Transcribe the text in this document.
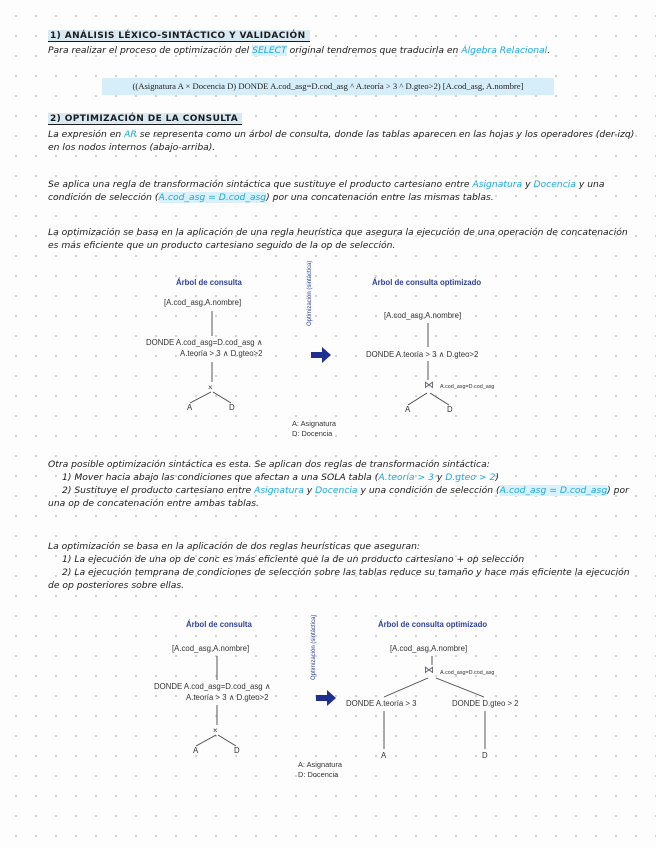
1) ANÁLISIS LÉXICO-SINTÁCTICO Y VALIDACIÓN

Para realizar el proceso de optimización del SELECT original tendremos que traducirla en Álgebra Relacional.

((Asignatura A × Docencia D) DONDE A.cod_asg=D.cod_asg ^ A.teoría > 3 ^ D.gteo>2) [A.cod_asg, A.nombre]
2) OPTIMIZACIÓN DE LA CONSULTA

La expresión en AR se representa como un árbol de consulta, donde las tablas aparecen en las hojas y los operadores (der-izq) en los nodos internos (abajo-arriba).

Se aplica una regla de transformación sintáctica que sustituye el producto cartesiano entre Asignatura y Docencia y una condición de selección (A.cod_asg = D.cod_asg) por una concatenación entre las mismas tablas.

La optimización se basa en la aplicación de una regla heurística que asegura la ejecución de una operación de concatenación es más eficiente que un producto cartesiano seguido de la op de selección.

Árbol de consulta	Árbol de consulta optimizado
[A.cod_asg,A.nombre]
DONDE A.cod_asg=D.cod_asg ∧
A.teoría > 3 ∧ D.gteo>2
×
A	D
Optimización (sintáctica)	[A.cod_asg,A.nombre]
DONDE A.teoría > 3 ∧ D.gteo>2
⋈ A.cod_asg=D.cod_asg
A	D
A: Asignatura
D: Docencia

Otra posible optimización sintáctica es esta. Se aplican dos reglas de transformación sintáctica:
1) Mover hacia abajo las condiciones que afectan a una SOLA tabla (A.teoría > 3 y D.gteo > 2)
2) Sustituye el producto cartesiano entre Asignatura y Docencia y una condición de selección (A.cod_asg = D.cod_asg) por una op de concatenación entre ambas tablas.

La optimización se basa en la aplicación de dos reglas heurísticas que aseguran:
1) La ejecución de una op de conc es más eficiente que la de un producto cartesiano + op selección
2) La ejecución temprana de condiciones de selección sobre las tablas reduce su tamaño y hace más eficiente la ejecución de op posteriores sobre ellas.

Árbol de consulta	Árbol de consulta optimizado
[A.cod_asg,A.nombre]
DONDE A.cod_asg=D.cod_asg ∧
A.teoría > 3 ∧ D.gteo>2
×
A	D
Optimización (sintáctica)	[A.cod_asg,A.nombre]
⋈ A.cod_asg=D.cod_asg
DONDE A.teoría > 3	DONDE D.gteo > 2
A	D
A: Asignatura
D: Docencia
